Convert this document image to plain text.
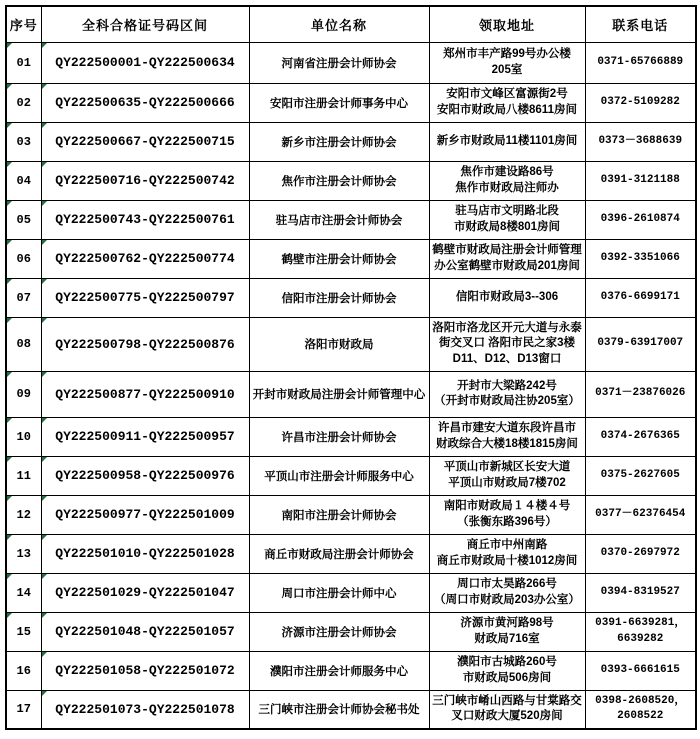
序号	全科合格证号码区间	单位名称	领取地址	联系电话

01	QY222500001-QY222500634	河南省注册会计师协会	郑州市丰产路99号办公楼
205室	0371-65766889

02	QY222500635-QY222500666	安阳市注册会计师事务中心	安阳市文峰区富源街2号
安阳市财政局八楼8611房间	0372-5109282

03	QY222500667-QY222500715	新乡市注册会计师协会	新乡市财政局11楼1101房间	0373－3688639

04	QY222500716-QY222500742	焦作市注册会计师协会	焦作市建设路86号
焦作市财政局注师办	0391-3121188

05	QY222500743-QY222500761	驻马店市注册会计师协会	驻马店市文明路北段
市财政局8楼801房间	0396-2610874

06	QY222500762-QY222500774	鹤壁市注册会计师协会	鹤壁市财政局注册会计师管理
办公室鹤壁市财政局201房间	0392-3351066

07	QY222500775-QY222500797	信阳市注册会计师协会	信阳市财政局3--306	0376-6699171

08	QY222500798-QY222500876	洛阳市财政局	洛阳市洛龙区开元大道与永泰
街交叉口 洛阳市民之家3楼
D11、D12、D13窗口	0379-63917007

09	QY222500877-QY222500910	开封市财政局注册会计师管理中心	开封市大梁路242号
（开封市财政局注协205室）	0371－23876026

10	QY222500911-QY222500957	许昌市注册会计师协会	许昌市建安大道东段许昌市
财政综合大楼18楼1815房间	0374-2676365

11	QY222500958-QY222500976	平顶山市注册会计师服务中心	平顶山市新城区长安大道
平顶山市财政局7楼702	0375-2627605

12	QY222500977-QY222501009	南阳市注册会计师协会	南阳市财政局１４楼４号
（张衡东路396号）	0377－62376454

13	QY222501010-QY222501028	商丘市财政局注册会计师协会	商丘市中州南路
商丘市财政局十楼1012房间	0370-2697972

14	QY222501029-QY222501047	周口市注册会计师中心	周口市太昊路266号
（周口市财政局203办公室）	0394-8319527

15	QY222501048-QY222501057	济源市注册会计师协会	济源市黄河路98号
财政局716室	0391-6639281，
6639282

16	QY222501058-QY222501072	濮阳市注册会计师服务中心	濮阳市古城路260号
市财政局506房间	0393-6661615

17	QY222501073-QY222501078	三门峡市注册会计师协会秘书处	三门峡市崤山西路与甘棠路交
叉口财政大厦520房间	0398-2608520，
2608522
